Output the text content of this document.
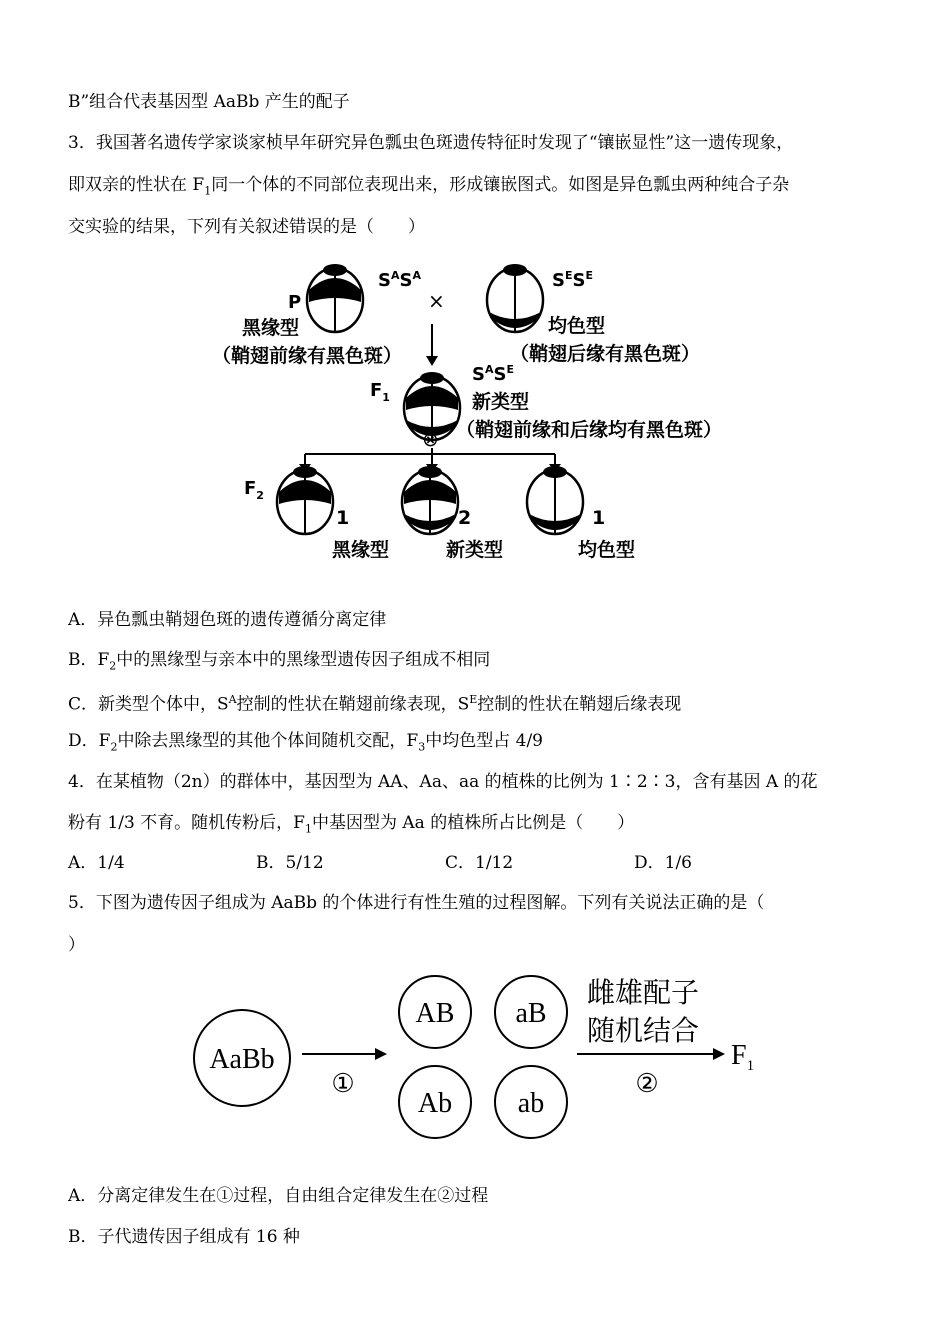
B”组合代表基因型 AaBb 产生的配子
3．我国著名遗传学家谈家桢早年研究异色瓢虫色斑遗传特征时发现了“镶嵌显性”这一遗传现象，
即双亲的性状在 $F_1$同一个体的不同部位表现出来，形成镶嵌图式。如图是异色瓢虫两种纯合子杂
交实验的结果，下列有关叙述错误的是（　　）
P
$S^AS^A$	$S^ES^E$
×
黑缘型
（鞘翅前缘有黑色斑）
均色型
（鞘翅后缘有黑色斑）
$F_1$
$S^AS^E$
新类型
（鞘翅前缘和后缘均有黑色斑）
⊗
$F_2$
1	2	1
黑缘型	新类型	均色型
A．异色瓢虫鞘翅色斑的遗传遵循分离定律
B．$F_2$中的黑缘型与亲本中的黑缘型遗传因子组成不相同
C．新类型个体中，$S^A$控制的性状在鞘翅前缘表现，$S^E$控制的性状在鞘翅后缘表现
D．$F_2$中除去黑缘型的其他个体间随机交配，$F_3$中均色型占 4/9
4．在某植物（2n）的群体中，基因型为 AA、Aa、aa 的植株的比例为 1∶2∶3，含有基因 A 的花
粉有 1/3 不育。随机传粉后，$F_1$中基因型为 Aa 的植株所占比例是（　　）
A．1/4	B．5/12	C．1/12	D．1/6
5．下图为遗传因子组成为 AaBb 的个体进行有性生殖的过程图解。下列有关说法正确的是（
）
AaBb
①
AB aB
Ab ab
雌雄配子
随机结合
②
$F_1$
A．分离定律发生在①过程，自由组合定律发生在②过程
B．子代遗传因子组成有 16 种
